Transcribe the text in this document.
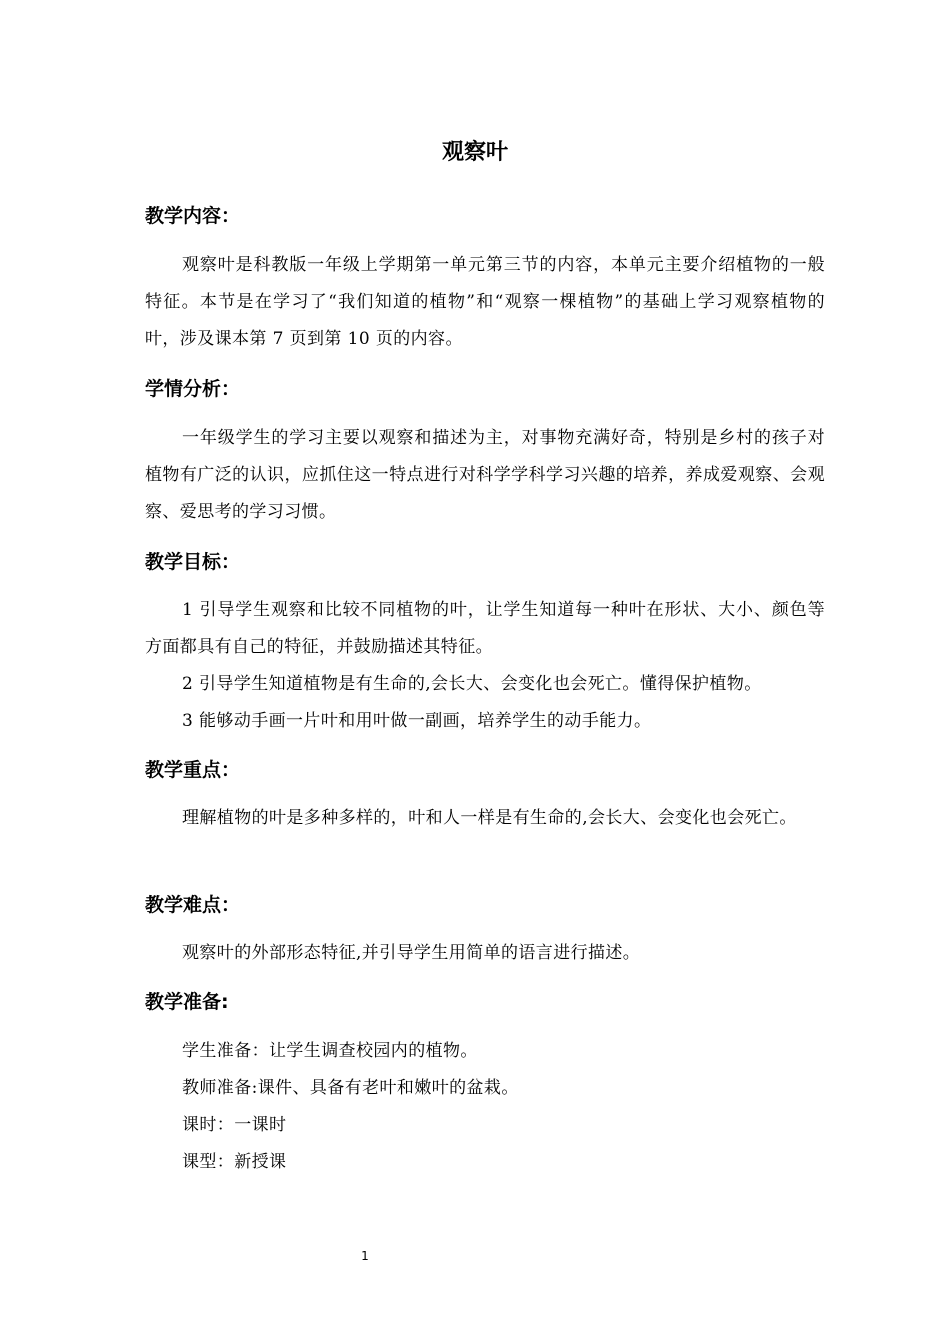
观察叶
教学内容：
观察叶是科教版一年级上学期第一单元第三节的内容，本单元主要介绍植物的一般特征。本节是在学习了“我们知道的植物”和“观察一棵植物”的基础上学习观察植物的叶，涉及课本第 7 页到第 10 页的内容。
学情分析：
一年级学生的学习主要以观察和描述为主，对事物充满好奇，特别是乡村的孩子对植物有广泛的认识，应抓住这一特点进行对科学学科学习兴趣的培养，养成爱观察、会观察、爱思考的学习习惯。
教学目标：
1 引导学生观察和比较不同植物的叶，让学生知道每一种叶在形状、大小、颜色等方面都具有自己的特征，并鼓励描述其特征。
2 引导学生知道植物是有生命的,会长大、会变化也会死亡。懂得保护植物。
3 能够动手画一片叶和用叶做一副画，培养学生的动手能力。
教学重点：
理解植物的叶是多种多样的，叶和人一样是有生命的,会长大、会变化也会死亡。
教学难点：
观察叶的外部形态特征,并引导学生用简单的语言进行描述。
教学准备:
学生准备：让学生调查校园内的植物。
教师准备:课件、具备有老叶和嫩叶的盆栽。
课时：一课时
课型：新授课
1
